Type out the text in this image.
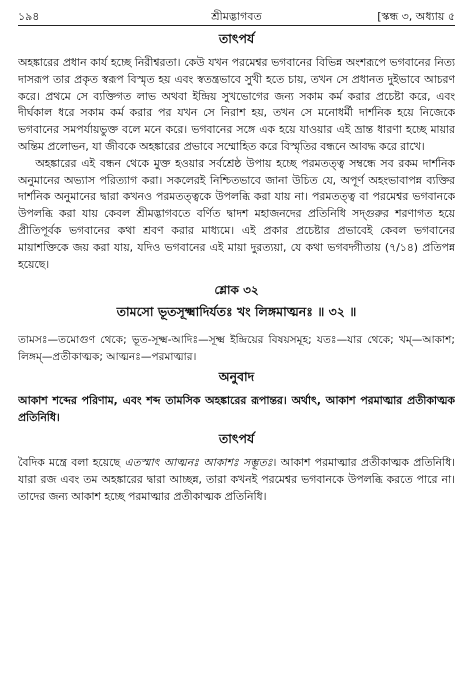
১৯৪	শ্রীমদ্ভাগবত	[স্কন্ধ ৩, অধ্যায় ৫
তাৎপর্য

অহঙ্কারের প্রধান কার্য হচ্ছে নিরীশ্বরতা। কেউ যখন পরমেশ্বর ভগবানের বিভিন্ন অংশরূপে ভগবানের নিত্য দাসরূপ তার প্রকৃত স্বরূপ বিস্মৃত হয় এবং স্বতন্ত্রভাবে সুখী হতে চায়, তখন সে প্রধানত দুইভাবে আচরণ করে। প্রথমে সে ব্যক্তিগত লাভ অথবা ইন্দ্রিয় সুখভোগের জন্য সকাম কর্ম করার প্রচেষ্টা করে, এবং দীর্ঘকাল ধরে সকাম কর্ম করার পর যখন সে নিরাশ হয়, তখন সে মনোধর্মী দার্শনিক হয়ে নিজেকে ভগবানের সমপর্যায়ভুক্ত বলে মনে করে। ভগবানের সঙ্গে এক হয়ে যাওয়ার এই ভ্রান্ত ধারণা হচ্ছে মায়ার অন্তিম প্রলোভন, যা জীবকে অহঙ্কারের প্রভাবে সম্মোহিত করে বিস্মৃতির বন্ধনে আবদ্ধ করে রাখে।

অহঙ্কারের এই বন্ধন থেকে মুক্ত হওয়ার সর্বশ্রেষ্ঠ উপায় হচ্ছে পরমতত্ত্ব সম্বন্ধে সব রকম দার্শনিক অনুমানের অভ্যাস পরিত্যাগ করা। সকলেরই নিশ্চিতভাবে জানা উচিত যে, অপূর্ণ অহংভাবাপন্ন ব্যক্তির দার্শনিক অনুমানের দ্বারা কখনও পরমতত্ত্বকে উপলব্ধি করা যায় না। পরমতত্ত্ব বা পরমেশ্বর ভগবানকে উপলব্ধি করা যায় কেবল শ্রীমদ্ভাগবতে বর্ণিত দ্বাদশ মহাজনদের প্রতিনিধি সদ্গুরুর শরণাগত হয়ে প্রীতিপূর্বক ভগবানের কথা শ্রবণ করার মাধ্যমে। এই প্রকার প্রচেষ্টার প্রভাবেই কেবল ভগবানের মায়াশক্তিকে জয় করা যায়, যদিও ভগবানের এই মায়া দুরত্যয়া, যে কথা ভগবদ্গীতায় (৭/১৪) প্রতিপন্ন হয়েছে।

শ্লোক ৩২
তামসো ভূতসূক্ষ্মাদির্যতঃ খং লিঙ্গমাত্মনঃ ॥ ৩২ ॥

তামসঃ—তমোগুণ থেকে; ভূত-সূক্ষ্ম-আদিঃ—সূক্ষ্ম ইন্দ্রিয়ের বিষয়সমূহ; যতঃ—যার থেকে; খম্—আকাশ; লিঙ্গম্—প্রতীকাত্মক; আত্মনঃ—পরমাত্মার।

অনুবাদ

আকাশ শব্দের পরিণাম, এবং শব্দ তামসিক অহঙ্কারের রূপান্তর। অর্থাৎ, আকাশ পরমাত্মার প্রতীকাত্মক প্রতিনিধি।

তাৎপর্য

বৈদিক মন্ত্রে বলা হয়েছে এতস্মাৎ আত্মনঃ আকাশঃ সম্ভূতঃ। আকাশ পরমাত্মার প্রতীকাত্মক প্রতিনিধি। যারা রজ এবং তম অহঙ্কারের দ্বারা আচ্ছন্ন, তারা কখনই পরমেশ্বর ভগবানকে উপলব্ধি করতে পারে না। তাদের জন্য আকাশ হচ্ছে পরমাত্মার প্রতীকাত্মক প্রতিনিধি।
